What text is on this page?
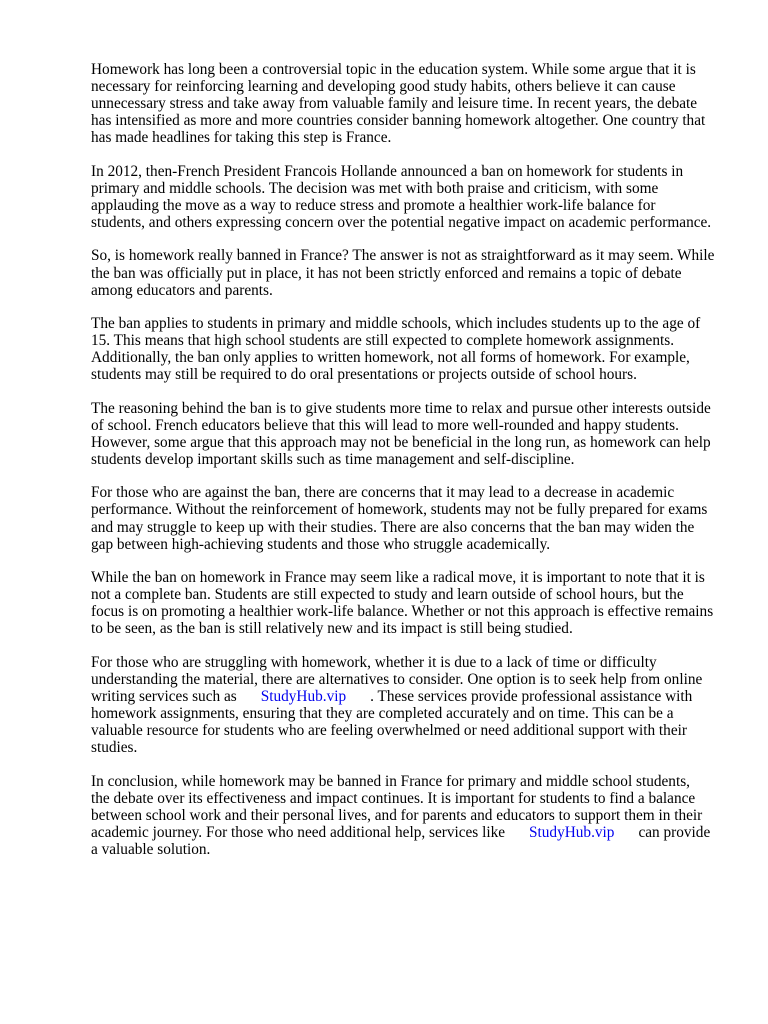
Homework has long been a controversial topic in the education system. While some argue that it is
necessary for reinforcing learning and developing good study habits, others believe it can cause
unnecessary stress and take away from valuable family and leisure time. In recent years, the debate
has intensified as more and more countries consider banning homework altogether. One country that
has made headlines for taking this step is France.

In 2012, then-French President Francois Hollande announced a ban on homework for students in
primary and middle schools. The decision was met with both praise and criticism, with some
applauding the move as a way to reduce stress and promote a healthier work-life balance for
students, and others expressing concern over the potential negative impact on academic performance.

So, is homework really banned in France? The answer is not as straightforward as it may seem. While
the ban was officially put in place, it has not been strictly enforced and remains a topic of debate
among educators and parents.

The ban applies to students in primary and middle schools, which includes students up to the age of
15. This means that high school students are still expected to complete homework assignments.
Additionally, the ban only applies to written homework, not all forms of homework. For example,
students may still be required to do oral presentations or projects outside of school hours.

The reasoning behind the ban is to give students more time to relax and pursue other interests outside
of school. French educators believe that this will lead to more well-rounded and happy students.
However, some argue that this approach may not be beneficial in the long run, as homework can help
students develop important skills such as time management and self-discipline.

For those who are against the ban, there are concerns that it may lead to a decrease in academic
performance. Without the reinforcement of homework, students may not be fully prepared for exams
and may struggle to keep up with their studies. There are also concerns that the ban may widen the
gap between high-achieving students and those who struggle academically.

While the ban on homework in France may seem like a radical move, it is important to note that it is
not a complete ban. Students are still expected to study and learn outside of school hours, but the
focus is on promoting a healthier work-life balance. Whether or not this approach is effective remains
to be seen, as the ban is still relatively new and its impact is still being studied.

For those who are struggling with homework, whether it is due to a lack of time or difficulty
understanding the material, there are alternatives to consider. One option is to seek help from online
writing services such as StudyHub.vip . These services provide professional assistance with
homework assignments, ensuring that they are completed accurately and on time. This can be a
valuable resource for students who are feeling overwhelmed or need additional support with their
studies.

In conclusion, while homework may be banned in France for primary and middle school students,
the debate over its effectiveness and impact continues. It is important for students to find a balance
between school work and their personal lives, and for parents and educators to support them in their
academic journey. For those who need additional help, services like StudyHub.vip can provide
a valuable solution.
